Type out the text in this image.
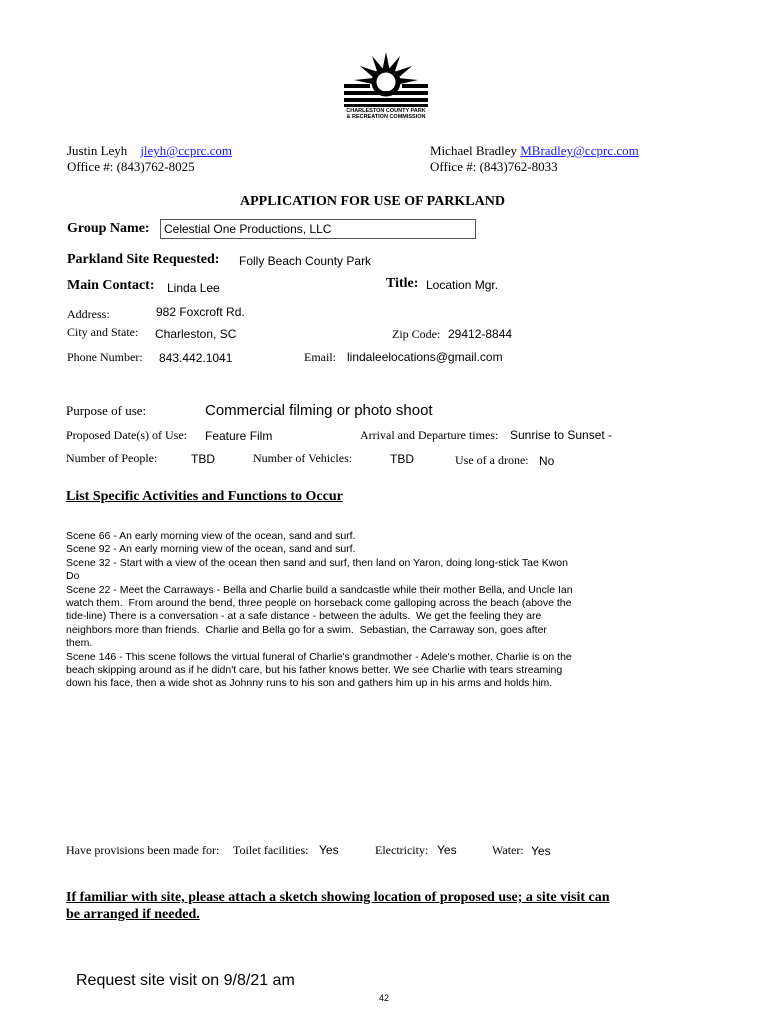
CHARLESTON COUNTY PARK
& RECREATION COMMISSION
Justin Leyh jleyh@ccprc.com
Office #: (843)762-8025
Michael Bradley MBradley@ccprc.com
Office #: (843)762-8033
APPLICATION FOR USE OF PARKLAND
Group Name: Celestial One Productions, LLC
Parkland Site Requested: Folly Beach County Park
Main Contact: Linda Lee	Title: Location Mgr.
Address:	982 Foxcroft Rd.
City and State: Charleston, SC	Zip Code: 29412-8844
Phone Number: 843.442.1041	Email: lindaleelocations@gmail.com
Purpose of use:	Commercial filming or photo shoot
Proposed Date(s) of Use: Feature Film	Arrival and Departure times: Sunrise to Sunset -
Number of People:	TBD	Number of Vehicles:	TBD	Use of a drone: No
List Specific Activities and Functions to Occur
Scene 66 - An early morning view of the ocean, sand and surf.
Scene 92 - An early morning view of the ocean, sand and surf.
Scene 32 - Start with a view of the ocean then sand and surf, then land on Yaron, doing long-stick Tae Kwon
Do
Scene 22 - Meet the Carraways - Bella and Charlie build a sandcastle while their mother Bella, and Uncle Ian
watch them.  From around the bend, three people on horseback come galloping across the beach (above the
tide-line) There is a conversation - at a safe distance - between the adults.  We get the feeling they are
neighbors more than friends.  Charlie and Bella go for a swim.  Sebastian, the Carraway son, goes after
them.
Scene 146 - This scene follows the virtual funeral of Charlie's grandmother - Adele's mother. Charlie is on the
beach skipping around as if he didn't care, but his father knows better. We see Charlie with tears streaming
down his face, then a wide shot as Johnny runs to his son and gathers him up in his arms and holds him.
Have provisions been made for: Toilet facilities: Yes	Electricity: Yes	Water: Yes
If familiar with site, please attach a sketch showing location of proposed use; a site visit can
be arranged if needed.
Request site visit on 9/8/21 am
42
